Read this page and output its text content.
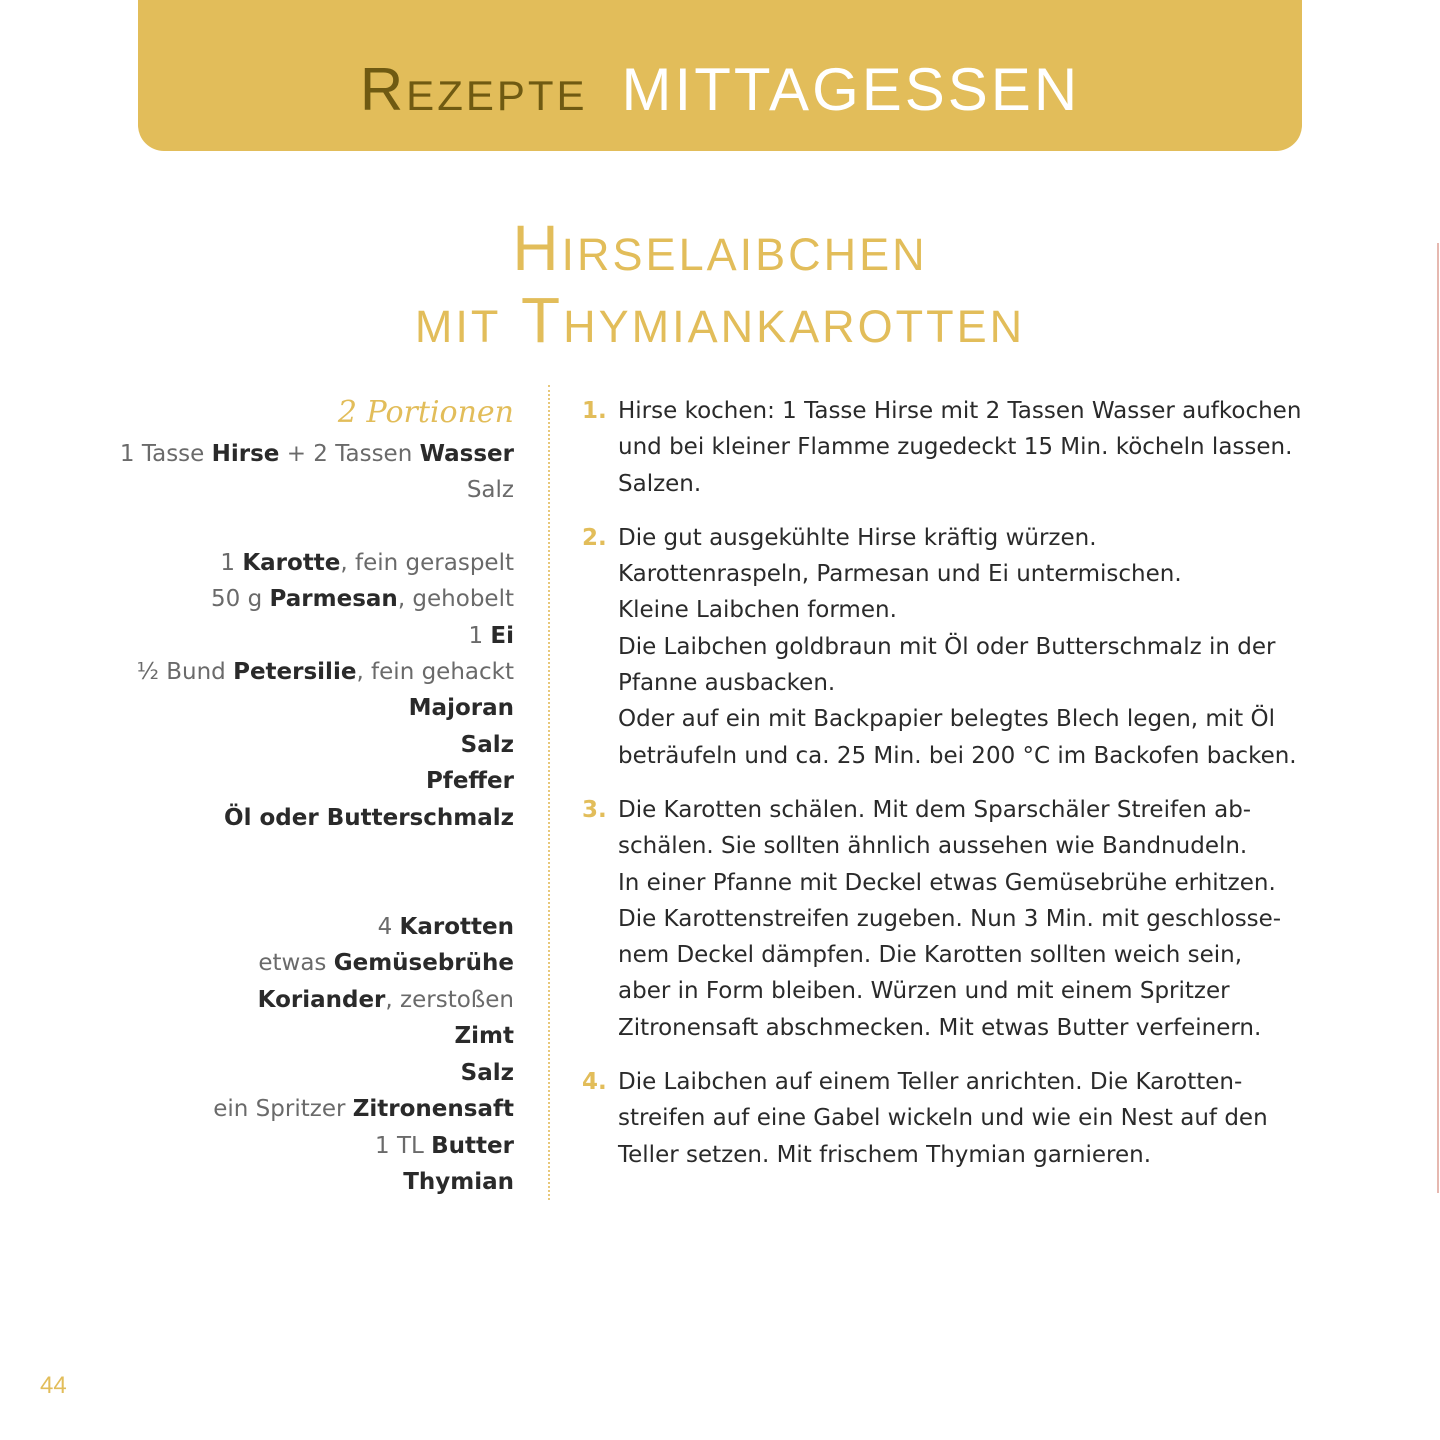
Rezepte MITTAGESSEN
Hirselaibchen
mit Thymiankarotten
2 Portionen
1 Tasse Hirse + 2 Tassen Wasser
Salz
1 Karotte, fein geraspelt
50 g Parmesan, gehobelt
1 Ei
½ Bund Petersilie, fein gehackt
Majoran
Salz
Pfeffer
Öl oder Butterschmalz
4 Karotten
etwas Gemüsebrühe
Koriander, zerstoßen
Zimt
Salz
ein Spritzer Zitronensaft
1 TL Butter
Thymian
1. Hirse kochen: 1 Tasse Hirse mit 2 Tassen Wasser aufkochen
und bei kleiner Flamme zugedeckt 15 Min. köcheln lassen.
Salzen.
2. Die gut ausgekühlte Hirse kräftig würzen.
Karottenraspeln, Parmesan und Ei untermischen.
Kleine Laibchen formen.
Die Laibchen goldbraun mit Öl oder Butterschmalz in der
Pfanne ausbacken.
Oder auf ein mit Backpapier belegtes Blech legen, mit Öl
beträufeln und ca. 25 Min. bei 200 °C im Backofen backen.
3. Die Karotten schälen. Mit dem Sparschäler Streifen ab-
schälen. Sie sollten ähnlich aussehen wie Bandnudeln.
In einer Pfanne mit Deckel etwas Gemüsebrühe erhitzen.
Die Karottenstreifen zugeben. Nun 3 Min. mit geschlosse-
nem Deckel dämpfen. Die Karotten sollten weich sein,
aber in Form bleiben. Würzen und mit einem Spritzer
Zitronensaft abschmecken. Mit etwas Butter verfeinern.
4. Die Laibchen auf einem Teller anrichten. Die Karotten-
streifen auf eine Gabel wickeln und wie ein Nest auf den
Teller setzen. Mit frischem Thymian garnieren.
44
